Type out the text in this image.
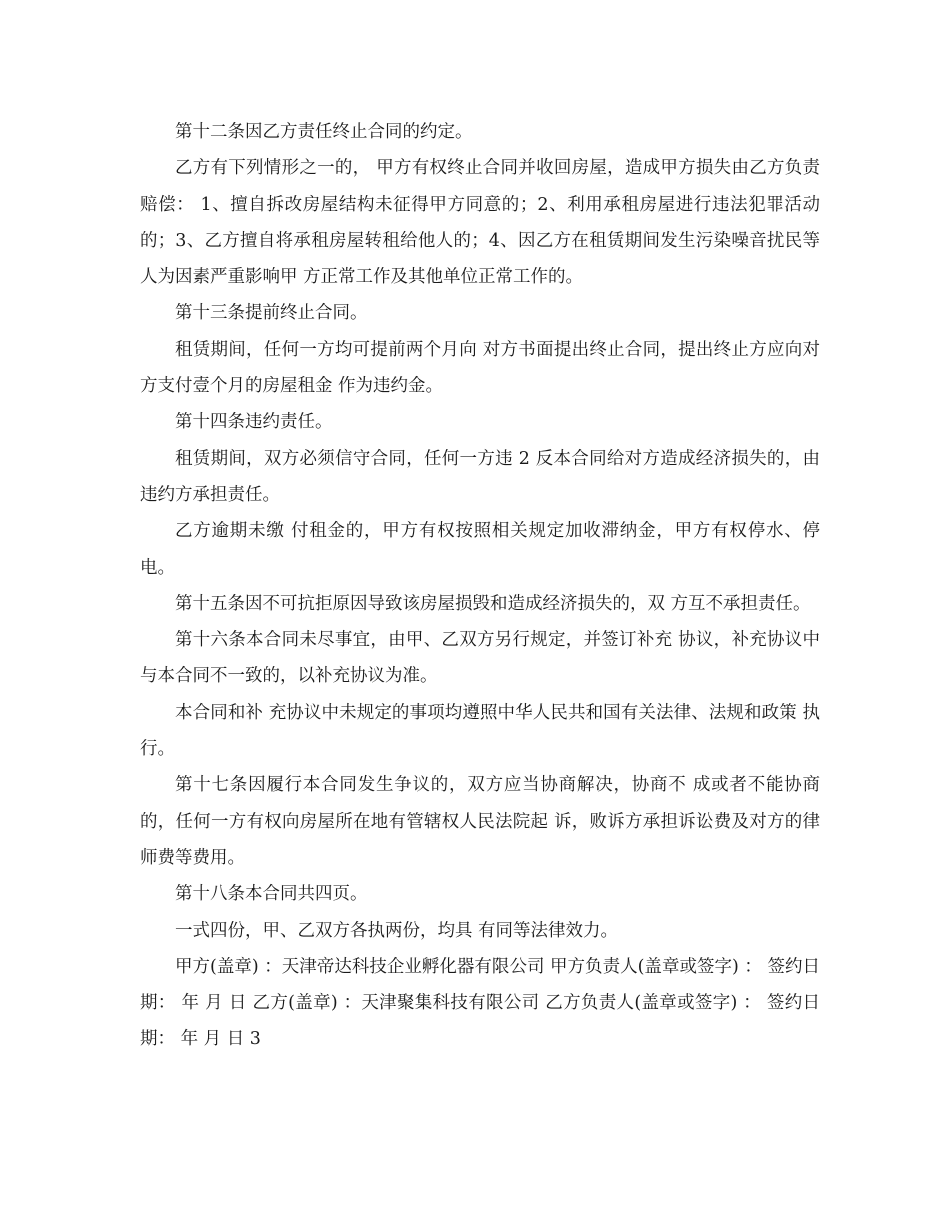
第十二条因乙方责任终止合同的约定。

乙方有下列情形之一的， 甲方有权终止合同并收回房屋，造成甲方损失由乙方负责赔偿： 1、擅自拆改房屋结构未征得甲方同意的；2、利用承租房屋进行违法犯罪活动的；3、乙方擅自将承租房屋转租给他人的；4、因乙方在租赁期间发生污染噪音扰民等人为因素严重影响甲 方正常工作及其他单位正常工作的。

第十三条提前终止合同。

租赁期间，任何一方均可提前两个月向 对方书面提出终止合同，提出终止方应向对方支付壹个月的房屋租金 作为违约金。

第十四条违约责任。

租赁期间，双方必须信守合同，任何一方违 2 反本合同给对方造成经济损失的，由违约方承担责任。

乙方逾期未缴 付租金的，甲方有权按照相关规定加收滞纳金，甲方有权停水、停电。

第十五条因不可抗拒原因导致该房屋损毁和造成经济损失的，双 方互不承担责任。

第十六条本合同未尽事宜，由甲、乙双方另行规定，并签订补充 协议，补充协议中与本合同不一致的，以补充协议为准。

本合同和补 充协议中未规定的事项均遵照中华人民共和国有关法律、法规和政策 执行。

第十七条因履行本合同发生争议的，双方应当协商解决，协商不 成或者不能协商的，任何一方有权向房屋所在地有管辖权人民法院起 诉，败诉方承担诉讼费及对方的律师费等费用。

第十八条本合同共四页。

一式四份，甲、乙双方各执两份，均具 有同等法律效力。

甲方(盖章) ：天津帝达科技企业孵化器有限公司 甲方负责人(盖章或签字) ： 签约日期： 年 月 日 乙方(盖章) ：天津聚集科技有限公司 乙方负责人(盖章或签字) ： 签约日期： 年 月 日 3
